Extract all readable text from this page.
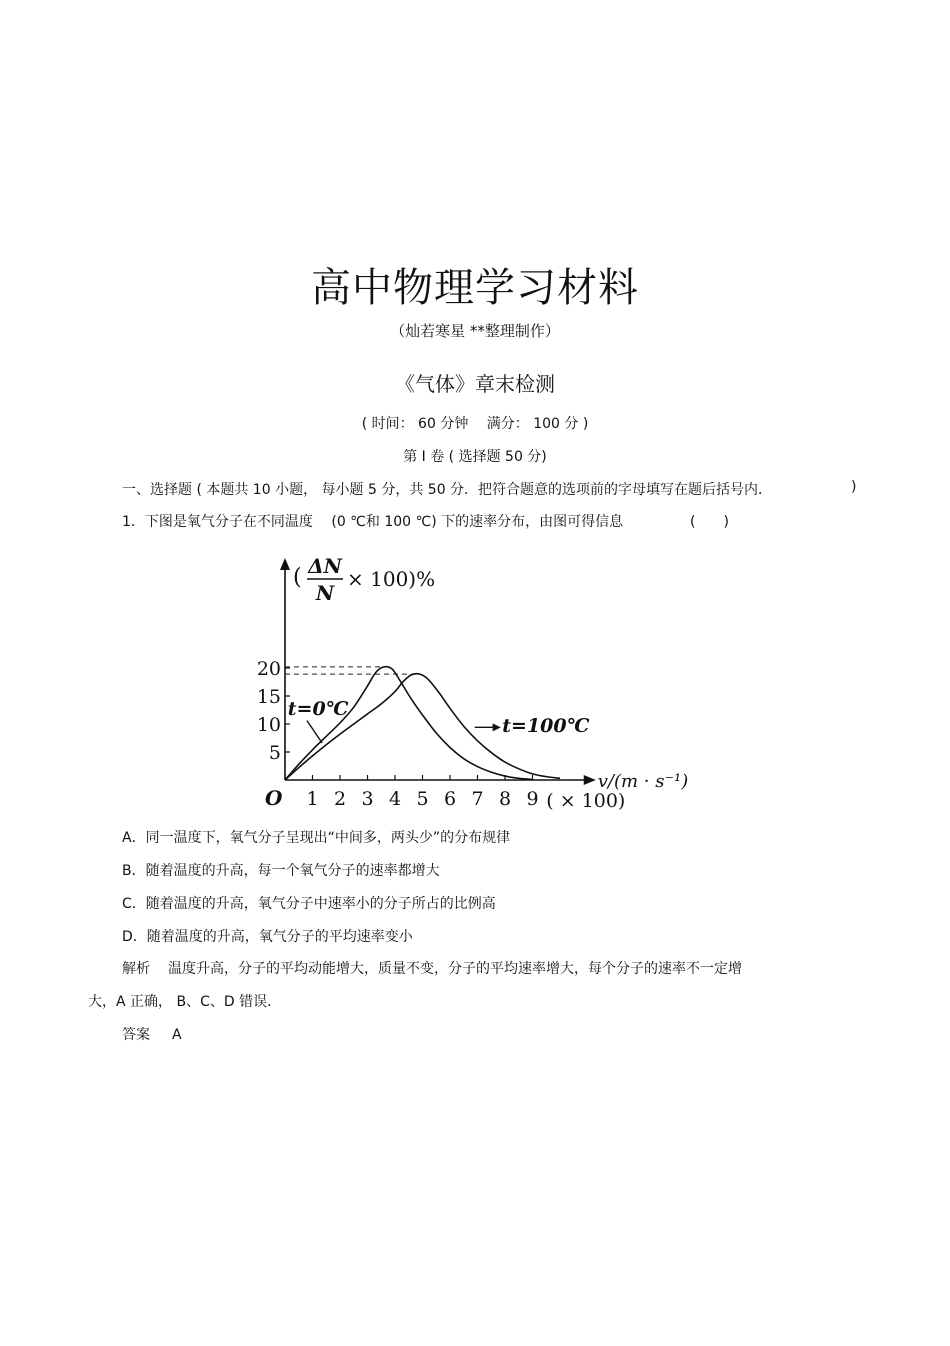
高中物理学习材料
（灿若寒星 **整理制作）
《气体》章末检测
( 时间： 60 分钟　 满分： 100 分 )
第 I 卷 ( 选择题 50 分)
一、选择题 ( 本题共 10 小题， 每小题 5 分，共 50 分．把符合题意的选项前的字母填写在题后括号内．	)
1．下图是氧气分子在不同温度　 (0 ℃和 100 ℃) 下的速率分布，由图可得信息	(　　)
1 2 3 4 5 6 7 8 9
5
10
15
20
t=0℃
t=100℃
O	( × 100)
v/(m · s⁻¹)
( ΔN
N
× 100)%
A．同一温度下，氧气分子呈现出“中间多，两头少”的分布规律
B．随着温度的升高，每一个氧气分子的速率都增大
C．随着温度的升高，氧气分子中速率小的分子所占的比例高
D．随着温度的升高，氧气分子的平均速率变小
解析 温度升高，分子的平均动能增大，质量不变，分子的平均速率增大，每个分子的速率不一定增
大，A 正确， B、C、D 错误．
答案 A
